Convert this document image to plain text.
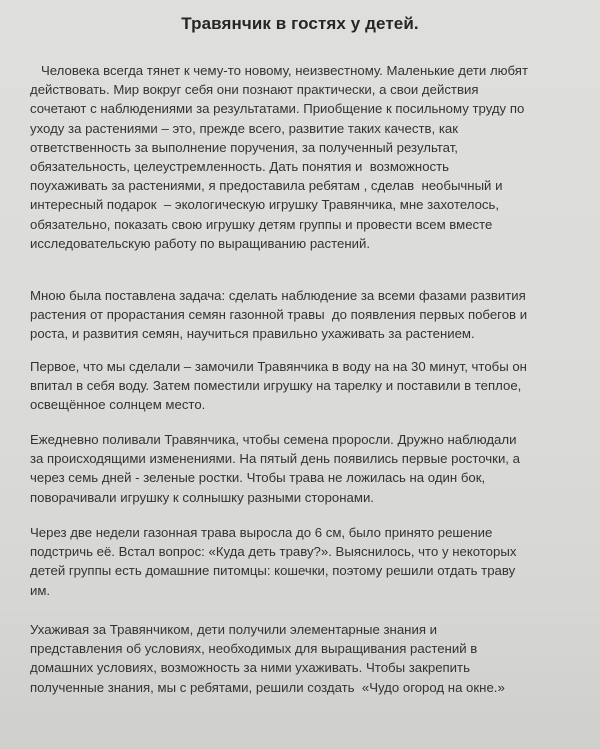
Травянчик в гостях у детей.
Человека всегда тянет к чему-то новому, неизвестному. Маленькие дети любят
действовать. Мир вокруг себя они познают практически, а свои действия
сочетают с наблюдениями за результатами. Приобщение к посильному труду по
уходу за растениями – это, прежде всего, развитие таких качеств, как
ответственность за выполнение поручения, за полученный результат,
обязательность, целеустремленность. Дать понятия и  возможность
поухаживать за растениями, я предоставила ребятам , сделав  необычный и
интересный подарок  – экологическую игрушку Травянчика, мне захотелось,
обязательно, показать свою игрушку детям группы и провести всем вместе
исследовательскую работу по выращиванию растений.
Мною была поставлена задача: сделать наблюдение за всеми фазами развития
растения от прорастания семян газонной травы  до появления первых побегов и
роста, и развития семян, научиться правильно ухаживать за растением.
Первое, что мы сделали – замочили Травянчика в воду на на 30 минут, чтобы он
впитал в себя воду. Затем поместили игрушку на тарелку и поставили в теплое,
освещённое солнцем место.
Ежедневно поливали Травянчика, чтобы семена проросли. Дружно наблюдали
за происходящими изменениями. На пятый день появились первые росточки, а
через семь дней - зеленые ростки. Чтобы трава не ложилась на один бок,
поворачивали игрушку к солнышку разными сторонами.
Через две недели газонная трава выросла до 6 см, было принято решение
подстричь её. Встал вопрос: «Куда деть траву?». Выяснилось, что у некоторых
детей группы есть домашние питомцы: кошечки, поэтому решили отдать траву
им.
Ухаживая за Травянчиком, дети получили элементарные знания и
представления об условиях, необходимых для выращивания растений в
домашних условиях, возможность за ними ухаживать. Чтобы закрепить
полученные знания, мы с ребятами, решили создать  «Чудо огород на окне.»
